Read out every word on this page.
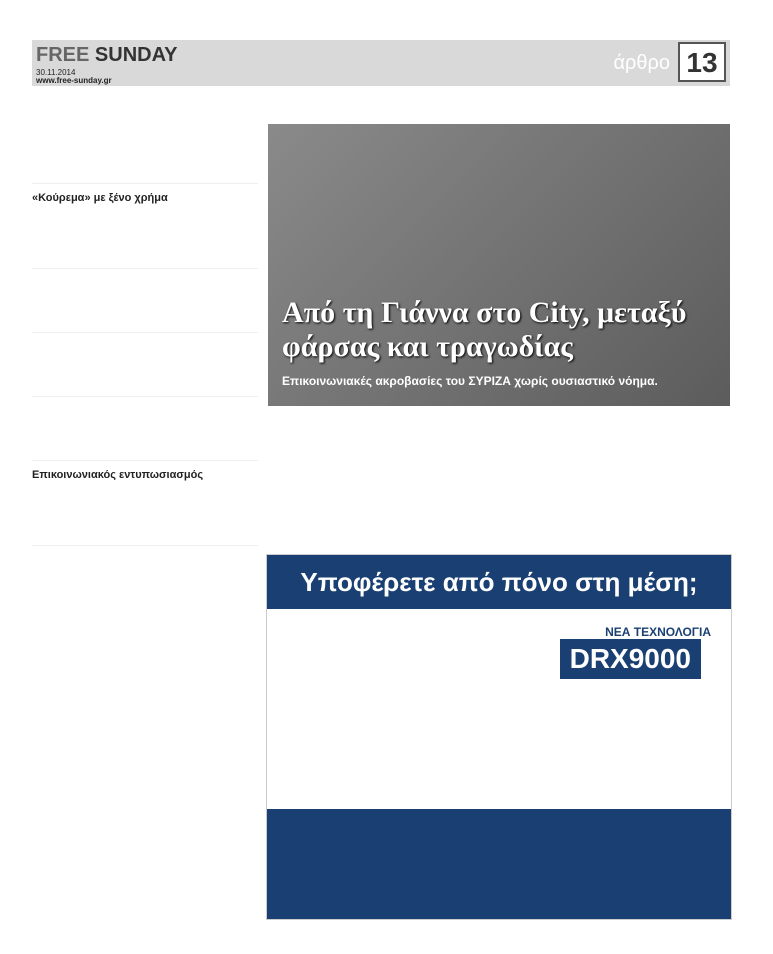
FREE SUNDAY
30.11.2014
www.free-sunday.gr
άρθρο 13
«Κούρεμα» με ξένο χρήμα
Επικοινωνιακός εντυπωσιασμός
Από τη Γιάννα στο City, μεταξύ φάρσας και τραγωδίας
Επικοινωνιακές ακροβασίες του ΣΥΡΙΖΑ χωρίς ουσιαστικό νόημα.
Υποφέρετε από πόνο στη μέση;
ΝΕΑ ΤΕΧΝΟΛΟΓΙΑ
DRX9000
